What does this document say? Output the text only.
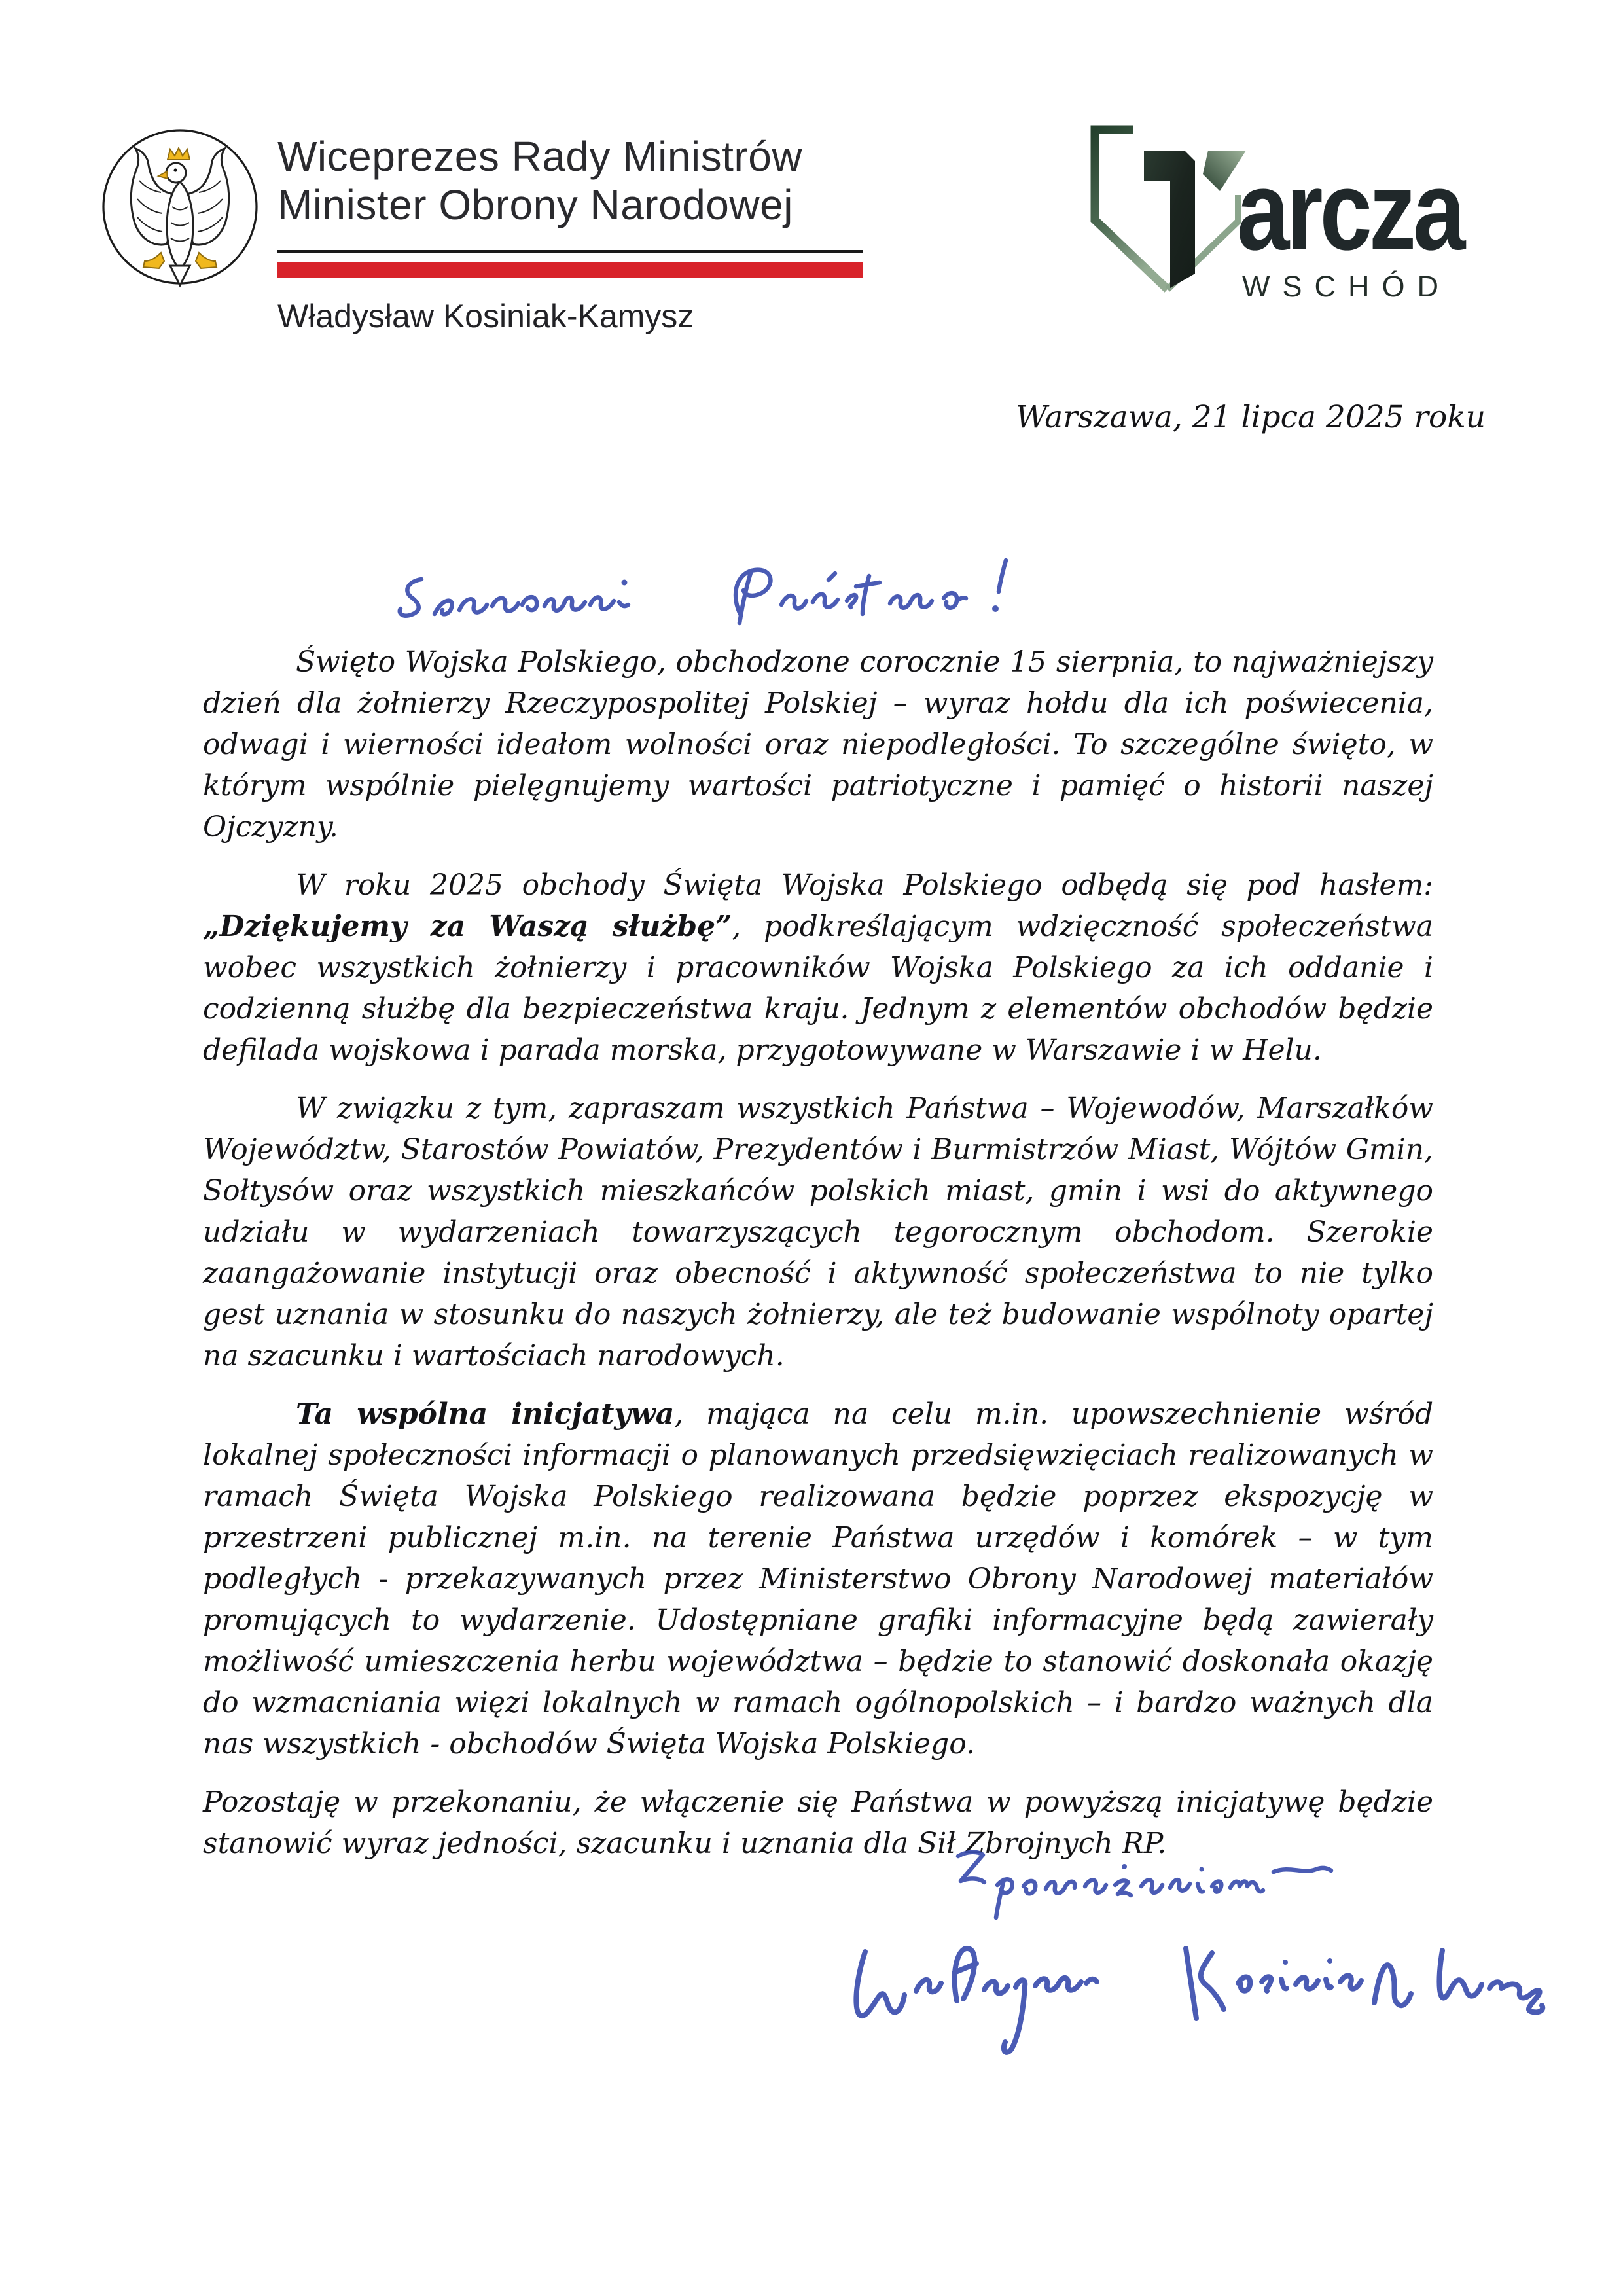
Wiceprezes Rady Ministrów
Minister Obrony Narodowej
Władysław Kosiniak-Kamysz
arcza
WSCHÓD
Warszawa, 21 lipca 2025 roku

Święto Wojska Polskiego, obchodzone corocznie 15 sierpnia, to najważniejszy dzień dla żołnierzy Rzeczypospolitej Polskiej – wyraz hołdu dla ich poświecenia, odwagi i wierności ideałom wolności oraz niepodległości. To szczególne święto, w którym wspólnie pielęgnujemy wartości patriotyczne i pamięć o historii naszej Ojczyzny.

W roku 2025 obchody Święta Wojska Polskiego odbędą się pod hasłem: „Dziękujemy za Waszą służbę”, podkreślającym wdzięczność społeczeństwa wobec wszystkich żołnierzy i pracowników Wojska Polskiego za ich oddanie i codzienną służbę dla bezpieczeństwa kraju. Jednym z elementów obchodów będzie defilada wojskowa i parada morska, przygotowywane w Warszawie i w Helu.

W związku z tym, zapraszam wszystkich Państwa – Wojewodów, Marszałków Województw, Starostów Powiatów, Prezydentów i Burmistrzów Miast, Wójtów Gmin, Sołtysów oraz wszystkich mieszkańców polskich miast, gmin i wsi do aktywnego udziału w wydarzeniach towarzyszących tegorocznym obchodom. Szerokie zaangażowanie instytucji oraz obecność i aktywność społeczeństwa to nie tylko gest uznania w stosunku do naszych żołnierzy, ale też budowanie wspólnoty opartej na szacunku i wartościach narodowych.

Ta wspólna inicjatywa, mająca na celu m.in. upowszechnienie wśród lokalnej społeczności informacji o planowanych przedsięwzięciach realizowanych w ramach Święta Wojska Polskiego realizowana będzie poprzez ekspozycję w przestrzeni publicznej m.in. na terenie Państwa urzędów i komórek – w tym podległych - przekazywanych przez Ministerstwo Obrony Narodowej materiałów promujących to wydarzenie. Udostępniane grafiki informacyjne będą zawierały możliwość umieszczenia herbu województwa – będzie to stanowić doskonała okazję do wzmacniania więzi lokalnych w ramach ogólnopolskich – i bardzo ważnych dla nas wszystkich - obchodów Święta Wojska Polskiego.

Pozostaję w przekonaniu, że włączenie się Państwa w powyższą inicjatywę będzie stanowić wyraz jedności, szacunku i uznania dla Sił Zbrojnych RP.
